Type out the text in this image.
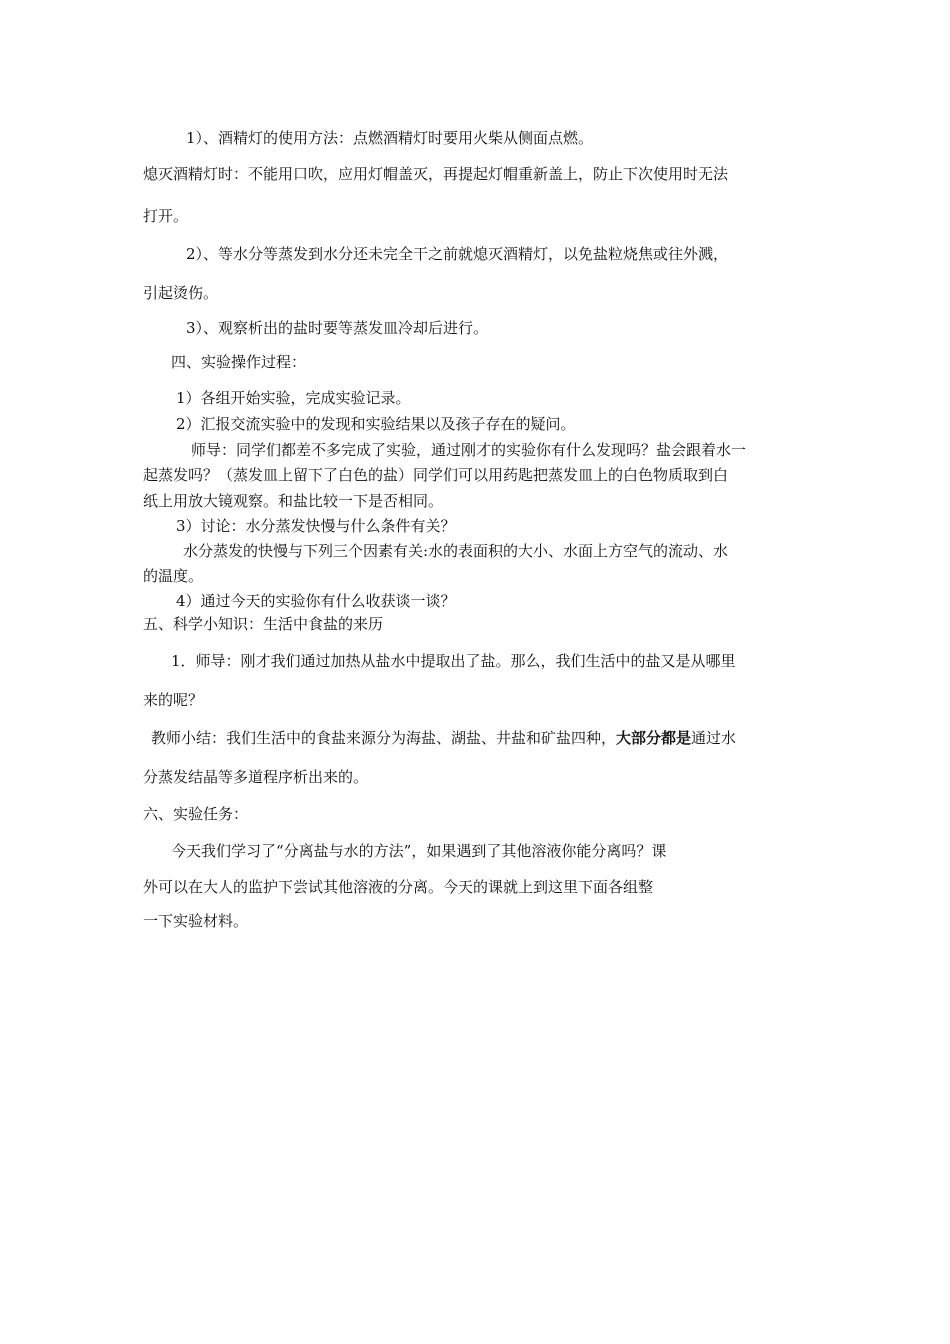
1）、酒精灯的使用方法：点燃酒精灯时要用火柴从侧面点燃。

熄灭酒精灯时：不能用口吹，应用灯帽盖灭，再提起灯帽重新盖上，防止下次使用时无法

打开。

2）、等水分等蒸发到水分还未完全干之前就熄灭酒精灯，以免盐粒烧焦或往外溅，

引起烫伤。

3）、观察析出的盐时要等蒸发皿冷却后进行。

四、实验操作过程：

1）各组开始实验，完成实验记录。

2）汇报交流实验中的发现和实验结果以及孩子存在的疑问。

师导：同学们都差不多完成了实验，通过刚才的实验你有什么发现吗？盐会跟着水一

起蒸发吗？（蒸发皿上留下了白色的盐）同学们可以用药匙把蒸发皿上的白色物质取到白

纸上用放大镜观察。和盐比较一下是否相同。

3）讨论：水分蒸发快慢与什么条件有关？

水分蒸发的快慢与下列三个因素有关:水的表面积的大小、水面上方空气的流动、水

的温度。

4）通过今天的实验你有什么收获谈一谈？

五、科学小知识：生活中食盐的来历

1．师导：刚才我们通过加热从盐水中提取出了盐。那么，我们生活中的盐又是从哪里

来的呢？

教师小结：我们生活中的食盐来源分为海盐、湖盐、井盐和矿盐四种，大部分都是通过水

分蒸发结晶等多道程序析出来的。

六、实验任务：

今天我们学习了“分离盐与水的方法”，如果遇到了其他溶液你能分离吗？课

外可以在大人的监护下尝试其他溶液的分离。今天的课就上到这里下面各组整

一下实验材料。
